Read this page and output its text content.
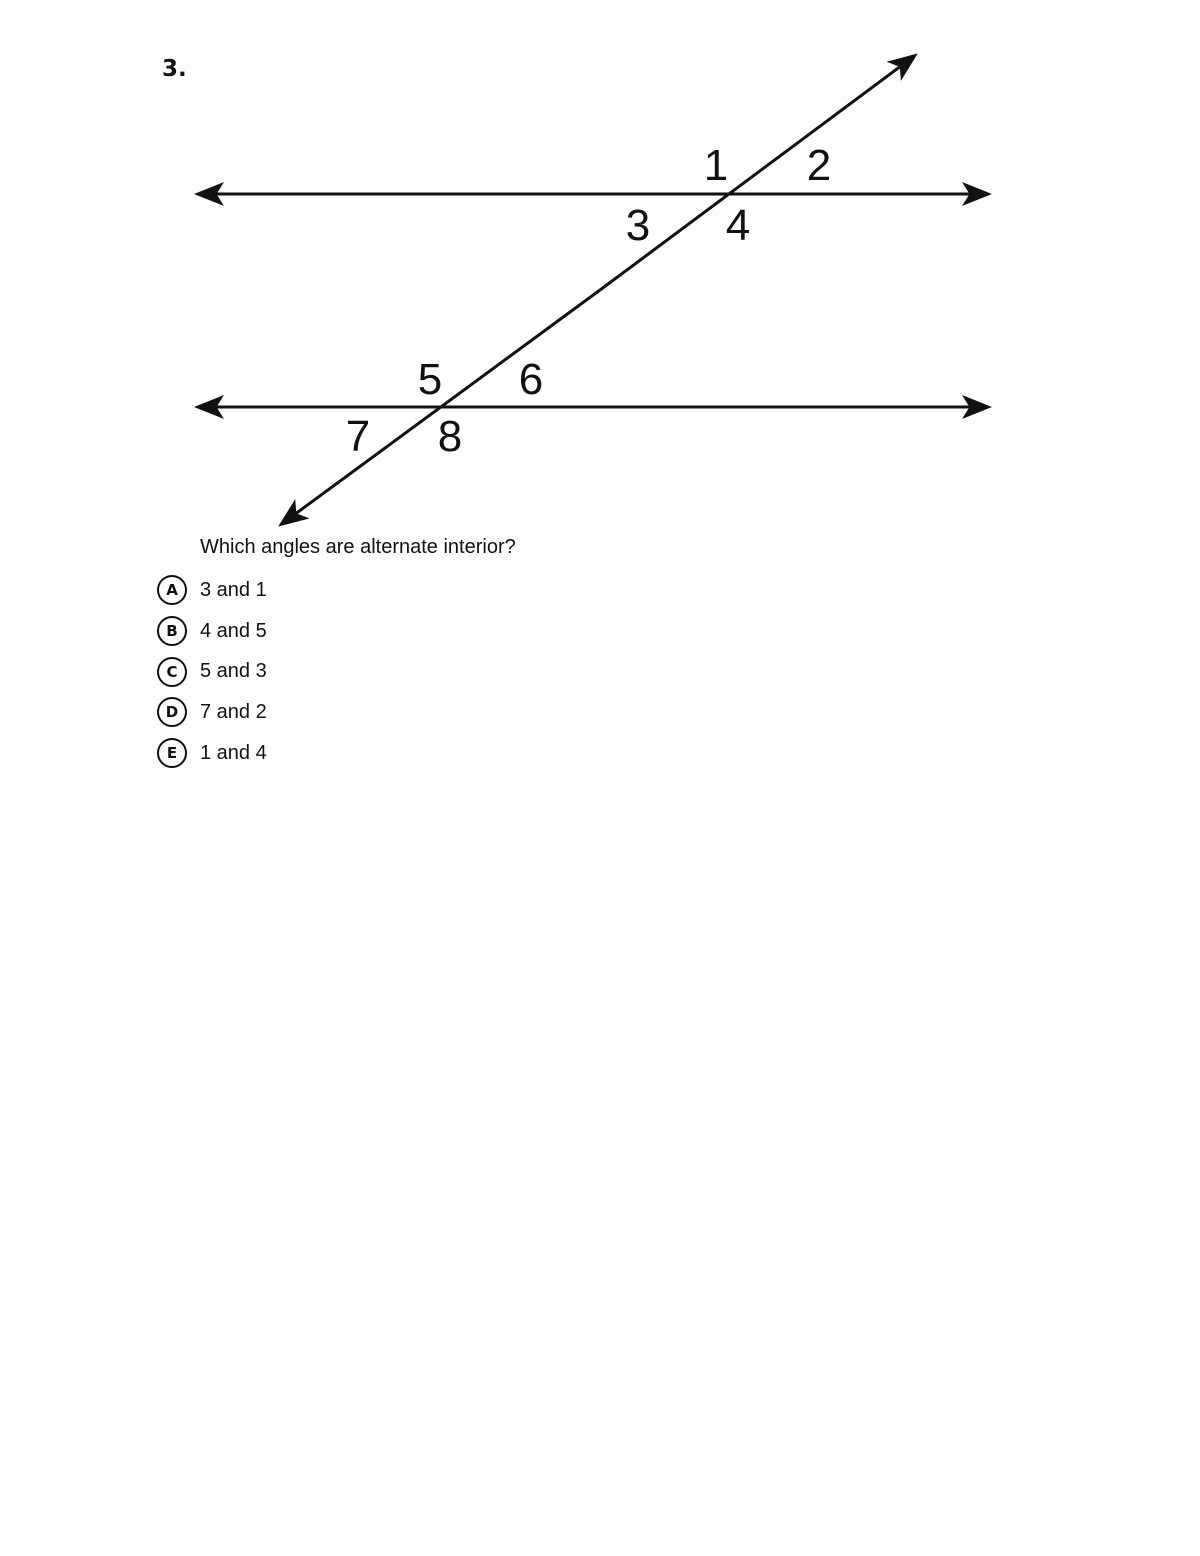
3.
1 2
3 4
5 6
7 8
Which angles are alternate interior?
A	3 and 1
B	4 and 5
C	5 and 3
D	7 and 2
E	1 and 4
